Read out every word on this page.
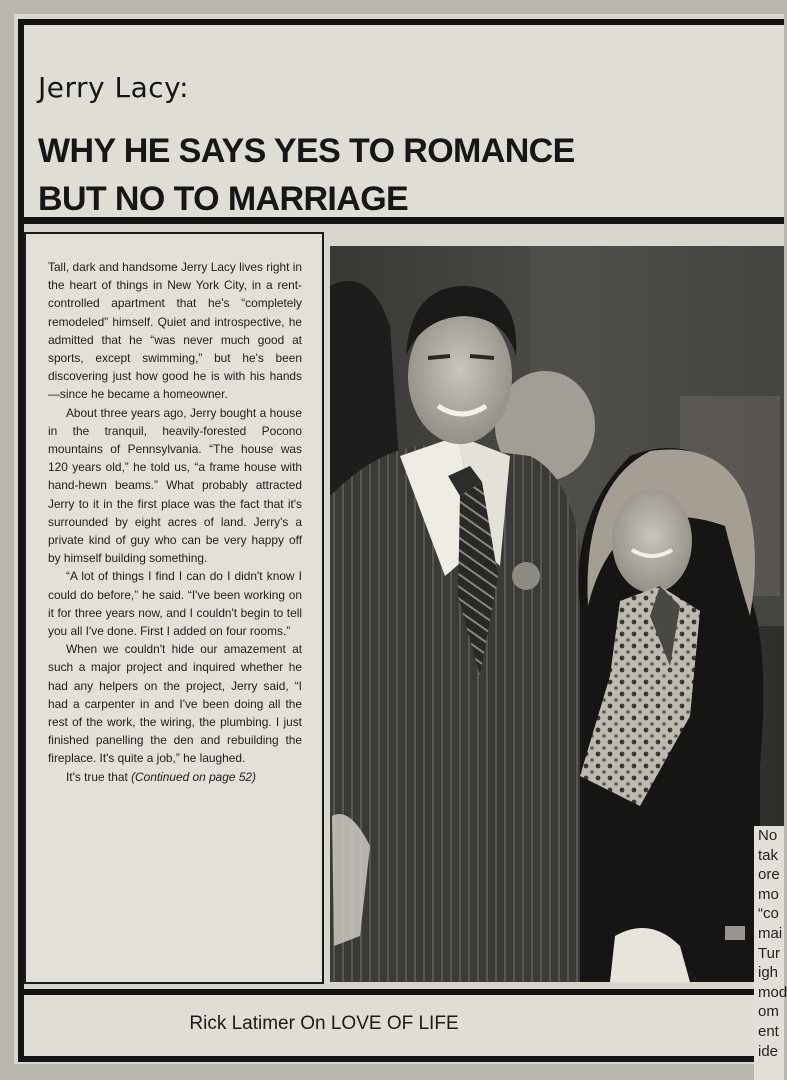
Jerry Lacy:
WHY HE SAYS YES TO ROMANCE
BUT NO TO MARRIAGE

Tall, dark and handsome Jerry Lacy lives right in the heart of things in New York City, in a rent-controlled apartment that he's “completely remodeled” himself. Quiet and introspective, he admitted that he “was never much good at sports, except swimming,” but he's been discovering just how good he is with his hands—since he became a homeowner.

About three years ago, Jerry bought a house in the tranquil, heavily-forested Pocono mountains of Pennsylvania. “The house was 120 years old,” he told us, “a frame house with hand-hewn beams.” What probably attracted Jerry to it in the first place was the fact that it's surrounded by eight acres of land. Jerry's a private kind of guy who can be very happy off by himself building something.

“A lot of things I find I can do I didn't know I could do before,” he said. “I've been working on it for three years now, and I couldn't begin to tell you all I've done. First I added on four rooms.”

When we couldn't hide our amazement at such a major project and inquired whether he had any helpers on the project, Jerry said, “I had a carpenter in and I've been doing all the rest of the work, the wiring, the plumbing. I just finished panelling the den and rebuilding the fireplace. It's quite a job,” he laughed.

It's true that (Continued on page 52)

Rick Latimer On LOVE OF LIFE
No
tak
ore
mo
“co
mai
Tur
igh
mod
om
ent
ide
